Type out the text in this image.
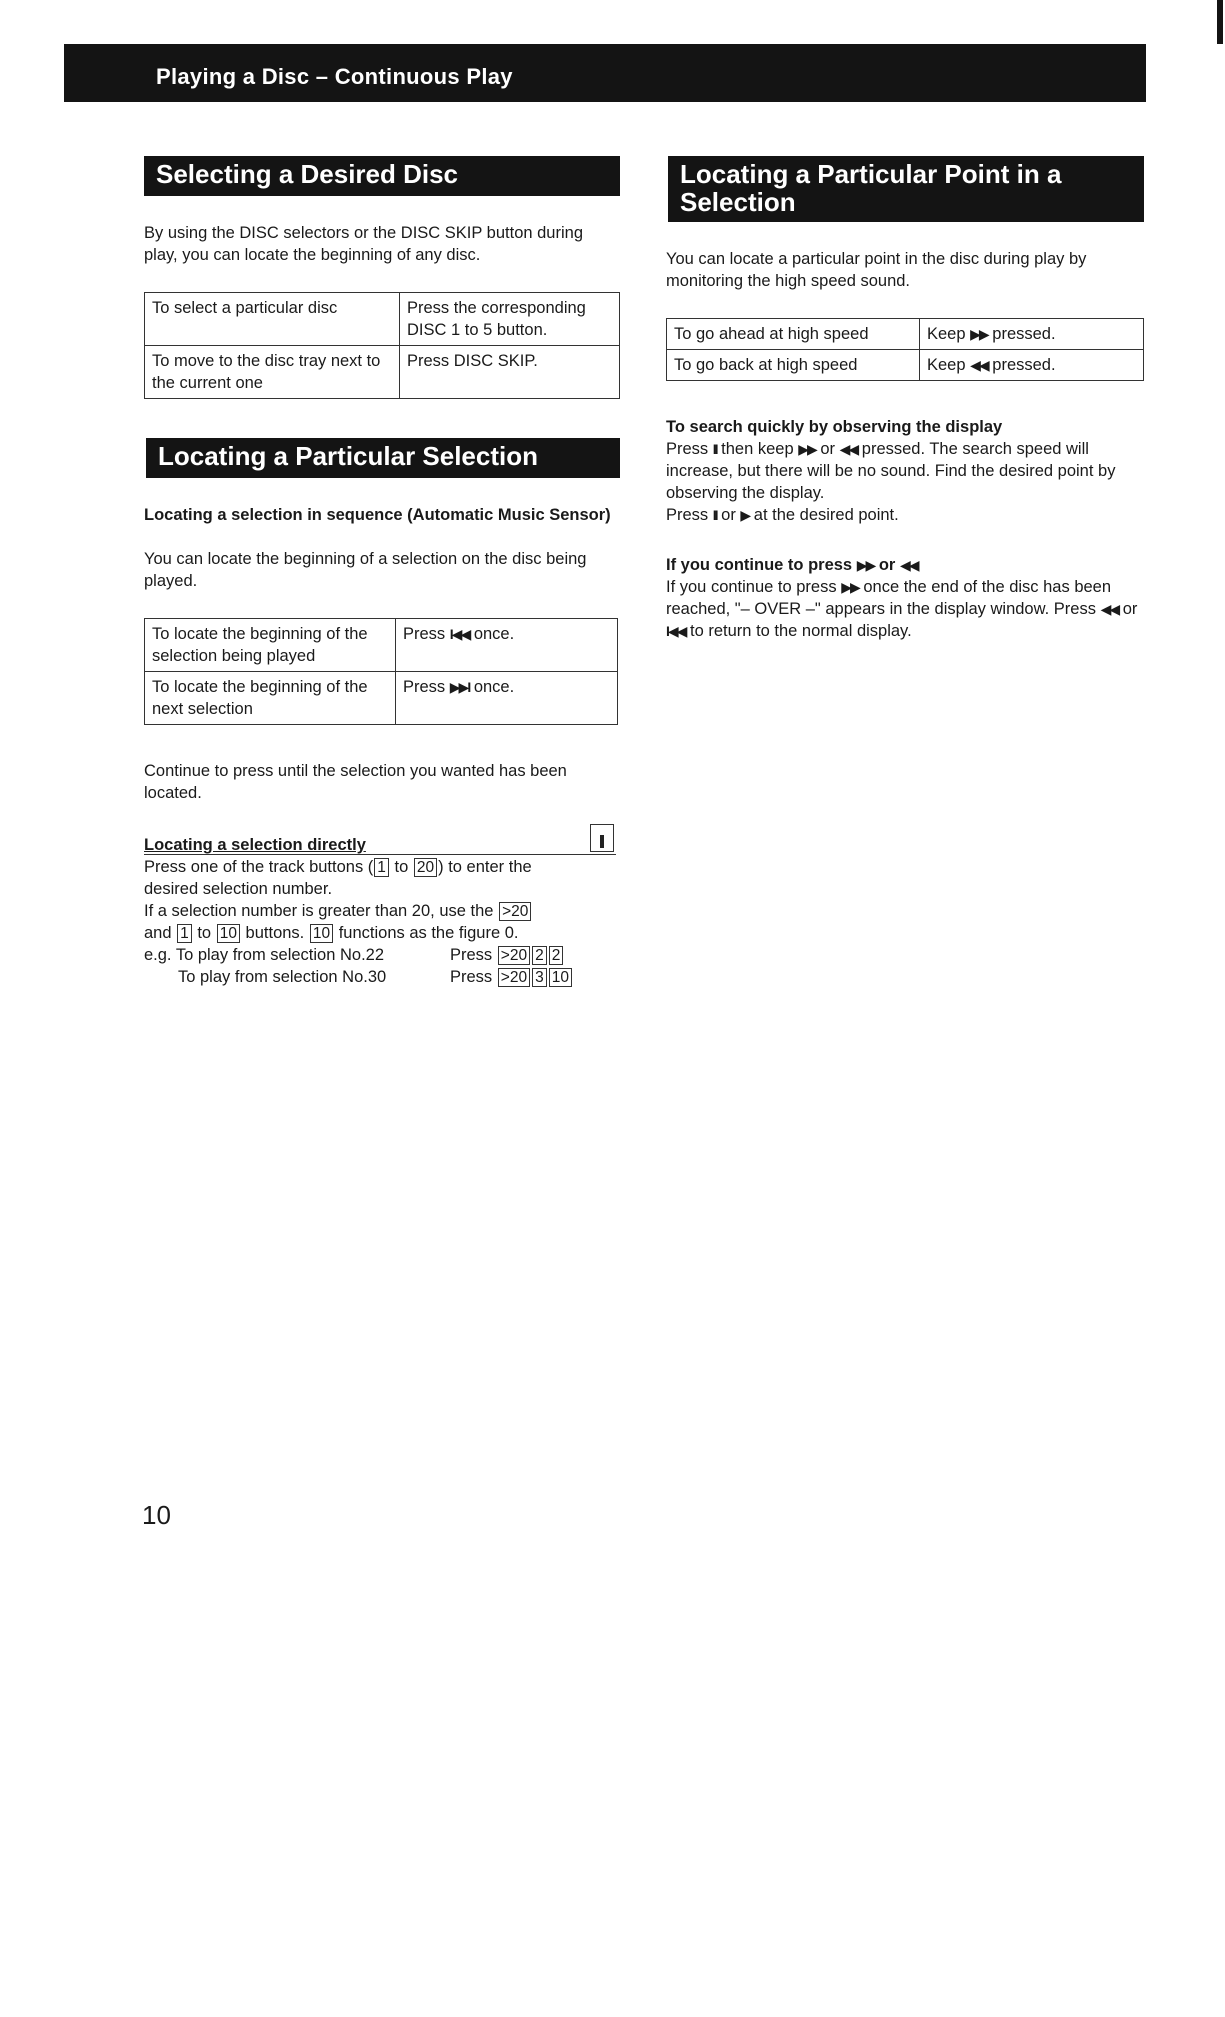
Playing a Disc – Continuous Play
Selecting a Desired Disc
By using the DISC selectors or the DISC SKIP button during play, you can locate the beginning of any disc.
To select a particular disc	Press the corresponding DISC 1 to 5 button.
To move to the disc tray next to the current one	Press DISC SKIP.
Locating a Particular Selection
Locating a selection in sequence (Automatic Music Sensor)
You can locate the beginning of a selection on the disc being played.
To locate the beginning of the selection being played	Press I◀◀ once.
To locate the beginning of the next selection	Press ▶▶I once.
Continue to press until the selection you wanted has been located.
Locating a selection directly
Press one of the track buttons ( 1 to 20 ) to enter the
desired selection number.
If a selection number is greater than 20, use the >20
and 1 to 10 buttons. 10 functions as the figure 0.
e.g. To play from selection No.22	Press >20 2 2
To play from selection No.30	Press >20 3 10
Locating a Particular Point in a
Selection
You can locate a particular point in the disc during play by monitoring the high speed sound.
To go ahead at high speed	Keep ▶▶ pressed.
To go back at high speed	Keep ◀◀ pressed.
To search quickly by observing the display
Press II then keep ▶▶ or ◀◀ pressed. The search speed will increase, but there will be no sound. Find the desired point by observing the display.
Press II or ▶ at the desired point.
If you continue to press ▶▶ or ◀◀
If you continue to press ▶▶ once the end of the disc has been reached, "– OVER –" appears in the display window. Press ◀◀ or I◀◀ to return to the normal display.
10
